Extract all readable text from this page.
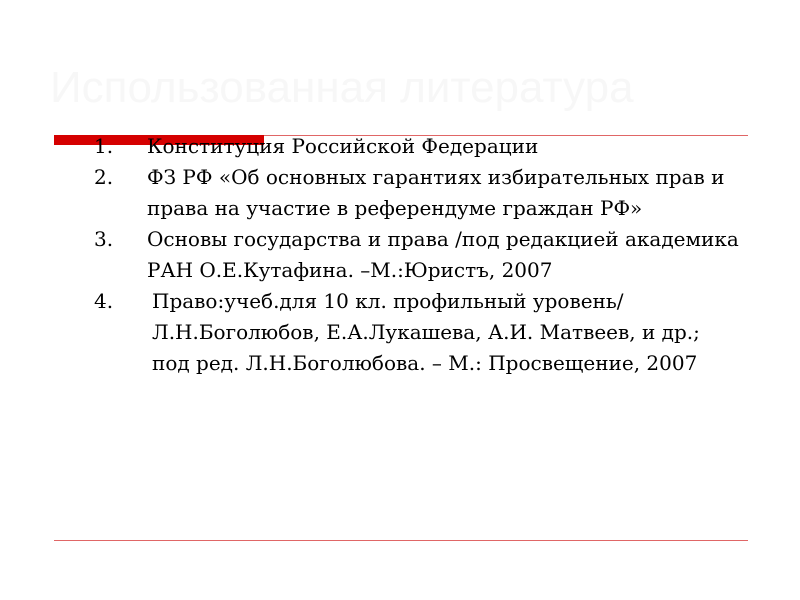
Использованная литература
1. Конституция Российской Федерации
2. ФЗ РФ «Об основных гарантиях избирательных прав и права на участие в референдуме граждан РФ»
3. Основы государства и права /под редакцией академика РАН О.Е.Кутафина. –М.:Юристъ, 2007
4. Право:учеб.для 10 кл. профильный уровень/Л.Н.Боголюбов, Е.А.Лукашева, А.И. Матвеев, и др.; под ред. Л.Н.Боголюбова. – М.: Просвещение, 2007
